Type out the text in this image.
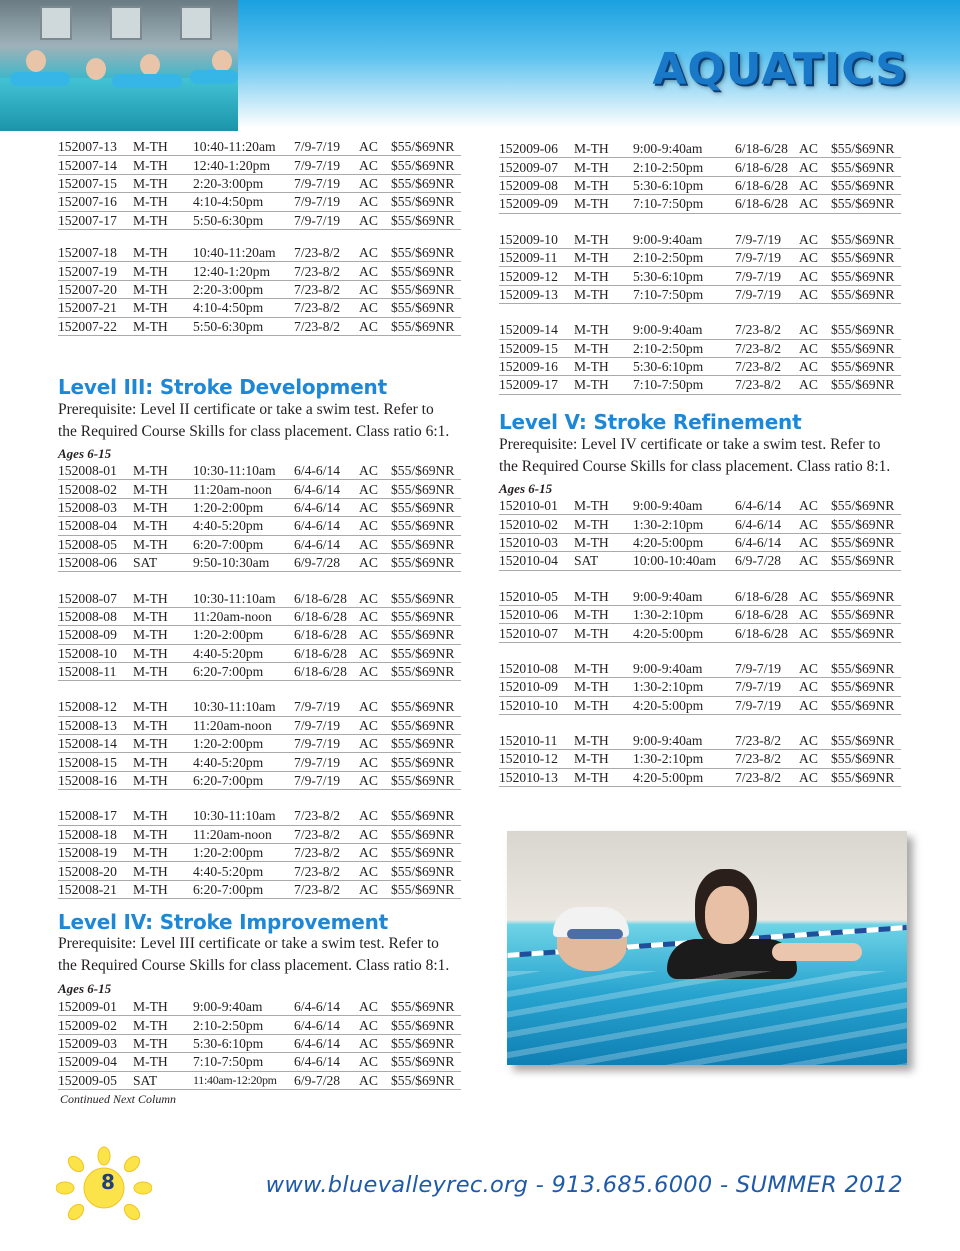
AQUATICS
152007-13	M-TH	10:40-11:20am	7/9-7/19	AC	$55/$69NR
152007-14	M-TH	12:40-1:20pm	7/9-7/19	AC	$55/$69NR
152007-15	M-TH	2:20-3:00pm	7/9-7/19	AC	$55/$69NR
152007-16	M-TH	4:10-4:50pm	7/9-7/19	AC	$55/$69NR
152007-17	M-TH	5:50-6:30pm	7/9-7/19	AC	$55/$69NR
152007-18	M-TH	10:40-11:20am	7/23-8/2	AC	$55/$69NR
152007-19	M-TH	12:40-1:20pm	7/23-8/2	AC	$55/$69NR
152007-20	M-TH	2:20-3:00pm	7/23-8/2	AC	$55/$69NR
152007-21	M-TH	4:10-4:50pm	7/23-8/2	AC	$55/$69NR
152007-22	M-TH	5:50-6:30pm	7/23-8/2	AC	$55/$69NR
Level III: Stroke Development
Prerequisite: Level II certificate or take a swim test. Refer to
the Required Course Skills for class placement. Class ratio 6:1.
Ages 6-15
152008-01	M-TH	10:30-11:10am	6/4-6/14	AC	$55/$69NR
152008-02	M-TH	11:20am-noon	6/4-6/14	AC	$55/$69NR
152008-03	M-TH	1:20-2:00pm	6/4-6/14	AC	$55/$69NR
152008-04	M-TH	4:40-5:20pm	6/4-6/14	AC	$55/$69NR
152008-05	M-TH	6:20-7:00pm	6/4-6/14	AC	$55/$69NR
152008-06	SAT	9:50-10:30am	6/9-7/28	AC	$55/$69NR
152008-07	M-TH	10:30-11:10am	6/18-6/28	AC	$55/$69NR
152008-08	M-TH	11:20am-noon	6/18-6/28	AC	$55/$69NR
152008-09	M-TH	1:20-2:00pm	6/18-6/28	AC	$55/$69NR
152008-10	M-TH	4:40-5:20pm	6/18-6/28	AC	$55/$69NR
152008-11	M-TH	6:20-7:00pm	6/18-6/28	AC	$55/$69NR
152008-12	M-TH	10:30-11:10am	7/9-7/19	AC	$55/$69NR
152008-13	M-TH	11:20am-noon	7/9-7/19	AC	$55/$69NR
152008-14	M-TH	1:20-2:00pm	7/9-7/19	AC	$55/$69NR
152008-15	M-TH	4:40-5:20pm	7/9-7/19	AC	$55/$69NR
152008-16	M-TH	6:20-7:00pm	7/9-7/19	AC	$55/$69NR
152008-17	M-TH	10:30-11:10am	7/23-8/2	AC	$55/$69NR
152008-18	M-TH	11:20am-noon	7/23-8/2	AC	$55/$69NR
152008-19	M-TH	1:20-2:00pm	7/23-8/2	AC	$55/$69NR
152008-20	M-TH	4:40-5:20pm	7/23-8/2	AC	$55/$69NR
152008-21	M-TH	6:20-7:00pm	7/23-8/2	AC	$55/$69NR
Level IV: Stroke Improvement
Prerequisite: Level III certificate or take a swim test. Refer to
the Required Course Skills for class placement. Class ratio 8:1.
Ages 6-15
152009-01	M-TH	9:00-9:40am	6/4-6/14	AC	$55/$69NR
152009-02	M-TH	2:10-2:50pm	6/4-6/14	AC	$55/$69NR
152009-03	M-TH	5:30-6:10pm	6/4-6/14	AC	$55/$69NR
152009-04	M-TH	7:10-7:50pm	6/4-6/14	AC	$55/$69NR
152009-05	SAT	11:40am-12:20pm	6/9-7/28	AC	$55/$69NR
Continued Next Column
152009-06	M-TH	9:00-9:40am	6/18-6/28	AC	$55/$69NR
152009-07	M-TH	2:10-2:50pm	6/18-6/28	AC	$55/$69NR
152009-08	M-TH	5:30-6:10pm	6/18-6/28	AC	$55/$69NR
152009-09	M-TH	7:10-7:50pm	6/18-6/28	AC	$55/$69NR
152009-10	M-TH	9:00-9:40am	7/9-7/19	AC	$55/$69NR
152009-11	M-TH	2:10-2:50pm	7/9-7/19	AC	$55/$69NR
152009-12	M-TH	5:30-6:10pm	7/9-7/19	AC	$55/$69NR
152009-13	M-TH	7:10-7:50pm	7/9-7/19	AC	$55/$69NR
152009-14	M-TH	9:00-9:40am	7/23-8/2	AC	$55/$69NR
152009-15	M-TH	2:10-2:50pm	7/23-8/2	AC	$55/$69NR
152009-16	M-TH	5:30-6:10pm	7/23-8/2	AC	$55/$69NR
152009-17	M-TH	7:10-7:50pm	7/23-8/2	AC	$55/$69NR
Level V: Stroke Refinement
Prerequisite: Level IV certificate or take a swim test. Refer to
the Required Course Skills for class placement. Class ratio 8:1.
Ages 6-15
152010-01	M-TH	9:00-9:40am	6/4-6/14	AC	$55/$69NR
152010-02	M-TH	1:30-2:10pm	6/4-6/14	AC	$55/$69NR
152010-03	M-TH	4:20-5:00pm	6/4-6/14	AC	$55/$69NR
152010-04	SAT	10:00-10:40am	6/9-7/28	AC	$55/$69NR
152010-05	M-TH	9:00-9:40am	6/18-6/28	AC	$55/$69NR
152010-06	M-TH	1:30-2:10pm	6/18-6/28	AC	$55/$69NR
152010-07	M-TH	4:20-5:00pm	6/18-6/28	AC	$55/$69NR
152010-08	M-TH	9:00-9:40am	7/9-7/19	AC	$55/$69NR
152010-09	M-TH	1:30-2:10pm	7/9-7/19	AC	$55/$69NR
152010-10	M-TH	4:20-5:00pm	7/9-7/19	AC	$55/$69NR
152010-11	M-TH	9:00-9:40am	7/23-8/2	AC	$55/$69NR
152010-12	M-TH	1:30-2:10pm	7/23-8/2	AC	$55/$69NR
152010-13	M-TH	4:20-5:00pm	7/23-8/2	AC	$55/$69NR
8	www.bluevalleyrec.org - 913.685.6000 - SUMMER 2012
